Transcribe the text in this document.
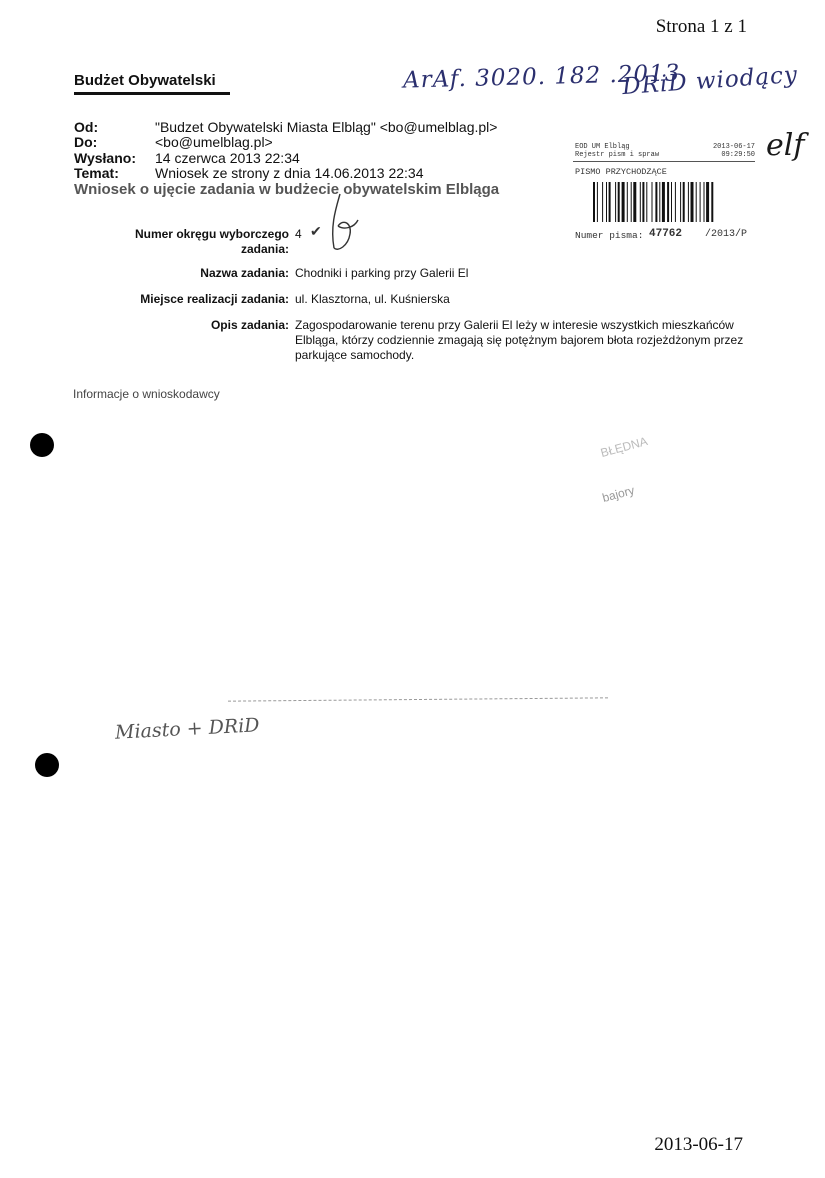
Strona 1 z 1
2013-06-17
Budżet Obywatelski	ArAf. 3020. 182 .2013
DRiD wiodący
elf
Miasto + DRiD
Od:	"Budzet Obywatelski Miasta Elbląg" <bo@umelblag.pl>
Do:	<bo@umelblag.pl>
Wysłano: 14 czerwca 2013 22:34
Temat:	Wniosek ze strony z dnia 14.06.2013 22:34
Wniosek o ujęcie zadania w budżecie obywatelskim Elbląga
EOD UM Elbląg	2013-06-17
Rejestr pism i spraw	09:29:50
PISMO PRZYCHODZĄCE
Numer pisma: 47762 /2013/P
Numer okręgu wyborczego zadania:
4 ✔
Nazwa zadania: Chodniki i parking przy Galerii El
Miejsce realizacji zadania: ul. Klasztorna, ul. Kuśnierska
Opis zadania: Zagospodarowanie terenu przy Galerii El leży w interesie wszystkich mieszkańców Elbląga, którzy codziennie zmagają się potężnym bajorem błota rozjeżdżonym przez parkujące samochody.
Informacje o wnioskodawcy
BŁĘDNA
bajory
